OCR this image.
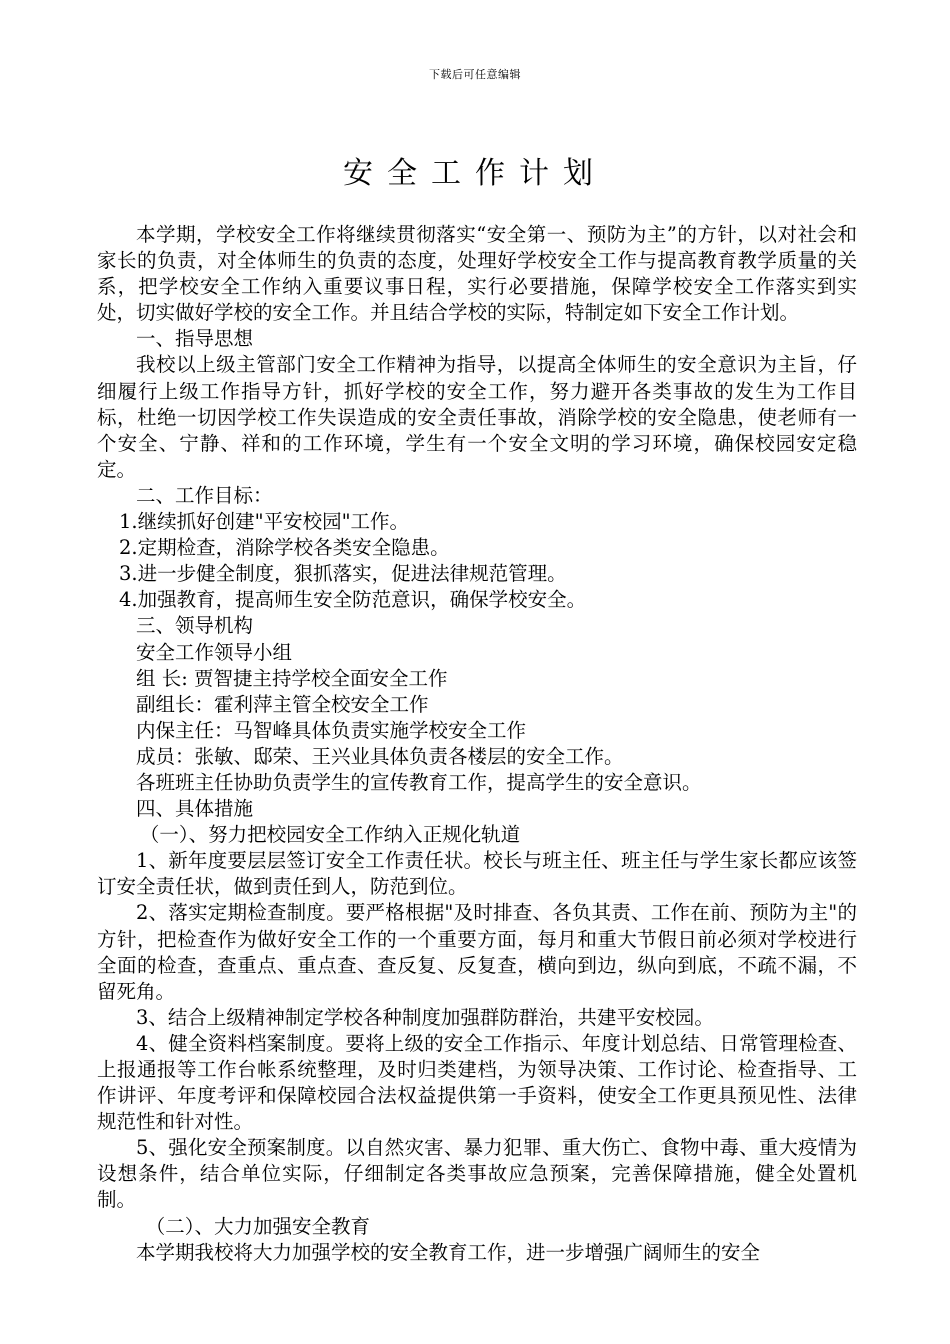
下载后可任意编辑
安全工作计划

本学期，学校安全工作将继续贯彻落实“安全第一、预防为主”的方针，以对社会和家长的负责，对全体师生的负责的态度，处理好学校安全工作与提高教育教学质量的关系，把学校安全工作纳入重要议事日程，实行必要措施，保障学校安全工作落实到实处，切实做好学校的安全工作。并且结合学校的实际，特制定如下安全工作计划。

一、指导思想

我校以上级主管部门安全工作精神为指导，以提高全体师生的安全意识为主旨，仔细履行上级工作指导方针，抓好学校的安全工作，努力避开各类事故的发生为工作目标，杜绝一切因学校工作失误造成的安全责任事故，消除学校的安全隐患，使老师有一个安全、宁静、祥和的工作环境，学生有一个安全文明的学习环境，确保校园安定稳定。

二、工作目标：

1.继续抓好创建"平安校园"工作。

2.定期检查，消除学校各类安全隐患。

3.进一步健全制度，狠抓落实，促进法律规范管理。

4.加强教育，提高师生安全防范意识，确保学校安全。

三、领导机构

安全工作领导小组

组 长: 贾智捷主持学校全面安全工作

副组长：霍利萍主管全校安全工作

内保主任：马智峰具体负责实施学校安全工作

成员：张敏、邸荣、王兴业具体负责各楼层的安全工作。

各班班主任协助负责学生的宣传教育工作，提高学生的安全意识。

四、具体措施

（一）、努力把校园安全工作纳入正规化轨道

1、新年度要层层签订安全工作责任状。校长与班主任、班主任与学生家长都应该签订安全责任状，做到责任到人，防范到位。

2、落实定期检查制度。要严格根据"及时排查、各负其责、工作在前、预防为主"的方针，把检查作为做好安全工作的一个重要方面，每月和重大节假日前必须对学校进行全面的检查，查重点、重点查、查反复、反复查，横向到边，纵向到底，不疏不漏，不留死角。

3、结合上级精神制定学校各种制度加强群防群治，共建平安校园。

4、健全资料档案制度。要将上级的安全工作指示、年度计划总结、日常管理检查、上报通报等工作台帐系统整理，及时归类建档，为领导决策、工作讨论、检查指导、工作讲评、年度考评和保障校园合法权益提供第一手资料，使安全工作更具预见性、法律规范性和针对性。

5、强化安全预案制度。以自然灾害、暴力犯罪、重大伤亡、食物中毒、重大疫情为设想条件，结合单位实际，仔细制定各类事故应急预案，完善保障措施，健全处置机制。

（二）、大力加强安全教育

本学期我校将大力加强学校的安全教育工作，进一步增强广阔师生的安全
